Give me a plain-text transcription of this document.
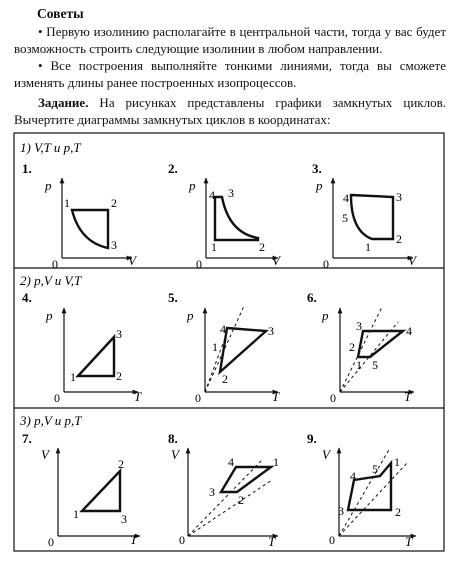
Советы
• Первую изолинию располагайте в центральной части, тогда у вас будет возможность строить следующие изолинии в любом направлении.
• Все построения выполняйте тонкими линиями, тогда вы сможете изменять длины ранее построенных изопроцессов.
Задание. На рисунках представлены графики замкнутых циклов. Вычертите диаграммы замкнутых циклов в координатах:
1) V,T и p,T
2) p,V и V,T
3) p,V и p,T
1.
p
V
0
1	2
3
2.
p
V
0
4 3
1	2
3.
p
V
0
4	3
5
1
2
4.
p
T
0
3
1	2
5.
p
T
0
4	3
1
2
6.
p
T
0
3	4
2
1 5
7.
V
T
0
2
1	3
8.
V
T
0
4	1
3
2
9.
V
T
0
4 5 1
3	2
